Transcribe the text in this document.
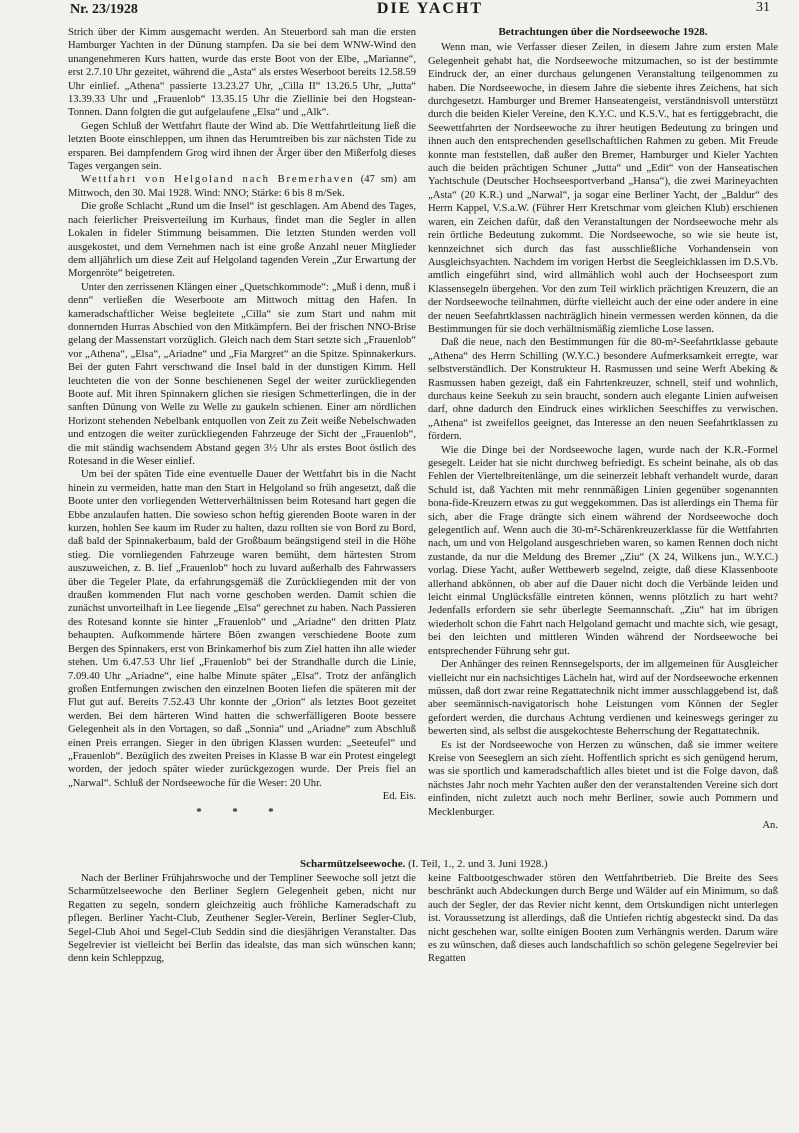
Nr. 23/1928	DIE YACHT	31

Strich über der Kimm ausgemacht werden. An Steuerbord sah man die ersten Hamburger Yachten in der Dünung stampfen. Da sie bei dem WNW-Wind den unangenehmeren Kurs hatten, wurde das erste Boot von der Elbe, „Marianne“, erst 2.7.10 Uhr gezeitet, während die „Asta“ als erstes Weserboot bereits 12.58.59 Uhr einlief. „Athena“ passierte 13.23.27 Uhr, „Cilla II“ 13.26.5 Uhr, „Jutta“ 13.39.33 Uhr und „Frauenlob“ 13.35.15 Uhr die Ziellinie bei den Hogstean-Tonnen. Dann folgten die gut aufgelaufene „Elsa“ und „Alk“.

Gegen Schluß der Wettfahrt flaute der Wind ab. Die Wettfahrtleitung ließ die letzten Boote einschleppen, um ihnen das Herumtreiben bis zur nächsten Tide zu ersparen. Bei dampfendem Grog wird ihnen der Ärger über den Mißerfolg dieses Tages vergangen sein.

Wettfahrt von Helgoland nach Bremerhaven (47 sm) am Mittwoch, den 30. Mai 1928. Wind: NNO; Stärke: 6 bis 8 m/Sek.

Die große Schlacht „Rund um die Insel“ ist geschlagen. Am Abend des Tages, nach feierlicher Preisverteilung im Kurhaus, findet man die Segler in allen Lokalen in fideler Stimmung beisammen. Die letzten Stunden werden voll ausgekostet, und dem Vernehmen nach ist eine große Anzahl neuer Mitglieder dem alljährlich um diese Zeit auf Helgoland tagenden Verein „Zur Erwartung der Morgenröte“ beigetreten.

Unter den zerrissenen Klängen einer „Quetschkommode“: „Muß i denn, muß i denn“ verließen die Weserboote am Mittwoch mittag den Hafen. In kameradschaftlicher Weise begleitete „Cilla“ sie zum Start und nahm mit donnernden Hurras Abschied von den Mitkämpfern. Bei der frischen NNO-Brise gelang der Massenstart vorzüglich. Gleich nach dem Start setzte sich „Frauenlob“ vor „Athena“, „Elsa“, „Ariadne“ und „Fia Margret“ an die Spitze. Spinnakerkurs. Bei der guten Fahrt verschwand die Insel bald in der dunstigen Kimm. Hell leuchteten die von der Sonne beschienenen Segel der weiter zurückliegenden Boote auf. Mit ihren Spinnakern glichen sie riesigen Schmetterlingen, die in der sanften Dünung von Welle zu Welle zu gaukeln schienen. Einer am nördlichen Horizont stehenden Nebelbank entquollen von Zeit zu Zeit weiße Nebelschwaden und entzogen die weiter zurückliegenden Fahrzeuge der Sicht der „Frauenlob“, die mit ständig wachsendem Abstand gegen 3½ Uhr als erstes Boot östlich des Rotesand in die Weser einlief.

Um bei der späten Tide eine eventuelle Dauer der Wettfahrt bis in die Nacht hinein zu vermeiden, hatte man den Start in Helgoland so früh angesetzt, daß die Boote unter den vorliegenden Wetterverhältnissen beim Rotesand hart gegen die Ebbe anzulaufen hatten. Die sowieso schon heftig gierenden Boote waren in der kurzen, hohlen See kaum im Ruder zu halten, dazu rollten sie von Bord zu Bord, daß bald der Spinnakerbaum, bald der Großbaum beängstigend steil in die Höhe stieg. Die vornliegenden Fahrzeuge waren bemüht, dem härtesten Strom auszuweichen, z. B. lief „Frauenlob“ hoch zu luvard außerhalb des Fahrwassers über die Tegeler Plate, da erfahrungsgemäß die Zurückliegenden mit der von draußen kommenden Flut nach vorne geschoben werden. Damit schien die zunächst unvorteilhaft in Lee liegende „Elsa“ gerechnet zu haben. Nach Passieren des Rotesand konnte sie hinter „Frauenlob“ und „Ariadne“ den dritten Platz behaupten. Aufkommende härtere Böen zwangen verschiedene Boote zum Bergen des Spinnakers, erst von Brinkamerhof bis zum Ziel hatten ihn alle wieder stehen. Um 6.47.53 Uhr lief „Frauenlob“ bei der Strandhalle durch die Linie, 7.09.40 Uhr „Ariadne“, eine halbe Minute später „Elsa“. Trotz der anfänglich großen Entfernungen zwischen den einzelnen Booten liefen die späteren mit der Flut gut auf. Bereits 7.52.43 Uhr konnte der „Orion“ als letztes Boot gezeitet werden. Bei dem härteren Wind hatten die schwerfälligeren Boote bessere Gelegenheit als in den Vortagen, so daß „Sonnia“ und „Ariadne“ zum Abschluß einen Preis errangen. Sieger in den übrigen Klassen wurden: „Seeteufel“ und „Frauenlob“. Bezüglich des zweiten Preises in Klasse B war ein Protest eingelegt worden, der jedoch später wieder zurückgezogen wurde. Der Preis fiel an „Narwal“. Schluß der Nordseewoche für die Weser: 20 Uhr.

Ed. Eis.
* * *
Betrachtungen über die Nordseewoche 1928.

Wenn man, wie Verfasser dieser Zeilen, in diesem Jahre zum ersten Male Gelegenheit gehabt hat, die Nordseewoche mitzumachen, so ist der bestimmte Eindruck der, an einer durchaus gelungenen Veranstaltung teilgenommen zu haben. Die Nordseewoche, in diesem Jahre die siebente ihres Zeichens, hat sich durchgesetzt. Hamburger und Bremer Hanseatengeist, verständnisvoll unterstützt durch die beiden Kieler Vereine, den K.Y.C. und K.S.V., hat es fertiggebracht, die Seewettfahrten der Nordseewoche zu ihrer heutigen Bedeutung zu bringen und ihnen auch den entsprechenden gesellschaftlichen Rahmen zu geben. Mit Freude konnte man feststellen, daß außer den Bremer, Hamburger und Kieler Yachten auch die beiden prächtigen Schuner „Jutta“ und „Edit“ von der Hanseatischen Yachtschule (Deutscher Hochseesportverband „Hansa“), die zwei Marineyachten „Asta“ (20 K.R.) und „Narwal“, ja sogar eine Berliner Yacht, der „Baldur“ des Herrn Kappel, V.S.a.W. (Führer Herr Kretschmar vom gleichen Klub) erschienen waren, ein Zeichen dafür, daß den Veranstaltungen der Nordseewoche mehr als rein örtliche Bedeutung zukommt. Die Nordseewoche, so wie sie heute ist, kennzeichnet sich durch das fast ausschließliche Vorhandensein von Ausgleichsyachten. Nachdem im vorigen Herbst die Seegleichklassen im D.S.Vb. amtlich eingeführt sind, wird allmählich wohl auch der Hochseesport zum Klassensegeln übergehen. Vor den zum Teil wirklich prächtigen Kreuzern, die an der Nordseewoche teilnahmen, dürfte vielleicht auch der eine oder andere in eine der neuen Seefahrtklassen nachträglich hinein vermessen werden können, da die Bestimmungen für sie doch verhältnismäßig ziemliche Lose lassen.

Daß die neue, nach den Bestimmungen für die 80-m²-Seefahrtklasse gebaute „Athena“ des Herrn Schilling (W.Y.C.) besondere Aufmerksamkeit erregte, war selbstverständlich. Der Konstrukteur H. Rasmussen und seine Werft Abeking & Rasmussen haben gezeigt, daß ein Fahrtenkreuzer, schnell, steif und wohnlich, durchaus keine Seekuh zu sein braucht, sondern auch elegante Linien aufweisen darf, ohne dadurch den Eindruck eines wirklichen Seeschiffes zu verwischen. „Athena“ ist zweifellos geeignet, das Interesse an den neuen Seefahrtklassen zu fördern.

Wie die Dinge bei der Nordseewoche lagen, wurde nach der K.R.-Formel gesegelt. Leider hat sie nicht durchweg befriedigt. Es scheint beinahe, als ob das Fehlen der Viertelbreitenlänge, um die seinerzeit lebhaft verhandelt wurde, daran Schuld ist, daß Yachten mit mehr rennmäßigen Linien gegenüber sogenannten bona-fide-Kreuzern etwas zu gut weggekommen. Das ist allerdings ein Thema für sich, aber die Frage drängte sich einem während der Nordseewoche doch gelegentlich auf. Wenn auch die 30-m²-Schärenkreuzerklasse für die Wettfahrten nach, um und von Helgoland ausgeschrieben waren, so kamen Rennen doch nicht zustande, da nur die Meldung des Bremer „Ziu“ (X 24, Wilkens jun., W.Y.C.) vorlag. Diese Yacht, außer Wettbewerb segelnd, zeigte, daß diese Klassenboote allerhand abkönnen, ob aber auf die Dauer nicht doch die Verbände leiden und leicht einmal Unglücksfälle eintreten können, wenns plötzlich zu hart weht? Jedenfalls erfordern sie sehr überlegte Seemannschaft. „Ziu“ hat im übrigen wiederholt schon die Fahrt nach Helgoland gemacht und machte sich, wie gesagt, bei den leichten und mittleren Winden während der Nordseewoche bei entsprechender Führung sehr gut.

Der Anhänger des reinen Rennsegelsports, der im allgemeinen für Ausgleicher vielleicht nur ein nachsichtiges Lächeln hat, wird auf der Nordseewoche erkennen müssen, daß dort zwar reine Regattatechnik nicht immer ausschlaggebend ist, daß aber seemännisch-navigatorisch hohe Leistungen vom Können der Segler gefordert werden, die durchaus Achtung verdienen und keineswegs geringer zu bewerten sind, als selbst die ausgekochteste Beherrschung der Regattatechnik.

Es ist der Nordseewoche von Herzen zu wünschen, daß sie immer weitere Kreise von Seeseglern an sich zieht. Hoffentlich spricht es sich genügend herum, was sie sportlich und kameradschaftlich alles bietet und ist die Folge davon, daß nächstes Jahr noch mehr Yachten außer den der veranstaltenden Vereine sich dort einfinden, nicht zuletzt auch noch mehr Berliner, sowie auch Pommern und Mecklenburger.

An.
Scharmützelseewoche. (I. Teil, 1., 2. und 3. Juni 1928.)

Nach der Berliner Frühjahrswoche und der Templiner Seewoche soll jetzt die Scharmützelseewoche den Berliner Seglern Gelegenheit geben, nicht nur Regatten zu segeln, sondern gleichzeitig auch fröhliche Kameradschaft zu pflegen. Berliner Yacht-Club, Zeuthener Segler-Verein, Berliner Segler-Club, Segel-Club Ahoi und Segel-Club Seddin sind die diesjährigen Veranstalter. Das Segelrevier ist vielleicht bei Berlin das idealste, das man sich wünschen kann; denn kein Schleppzug,

keine Faltbootgeschwader stören den Wettfahrtbetrieb. Die Breite des Sees beschränkt auch Abdeckungen durch Berge und Wälder auf ein Minimum, so daß auch der Segler, der das Revier nicht kennt, dem Ortskundigen nicht unterlegen ist. Voraussetzung ist allerdings, daß die Untiefen richtig abgesteckt sind. Da das nicht geschehen war, sollte einigen Booten zum Verhängnis werden. Darum wäre es zu wünschen, daß dieses auch landschaftlich so schön gelegene Segelrevier bei Regatten
